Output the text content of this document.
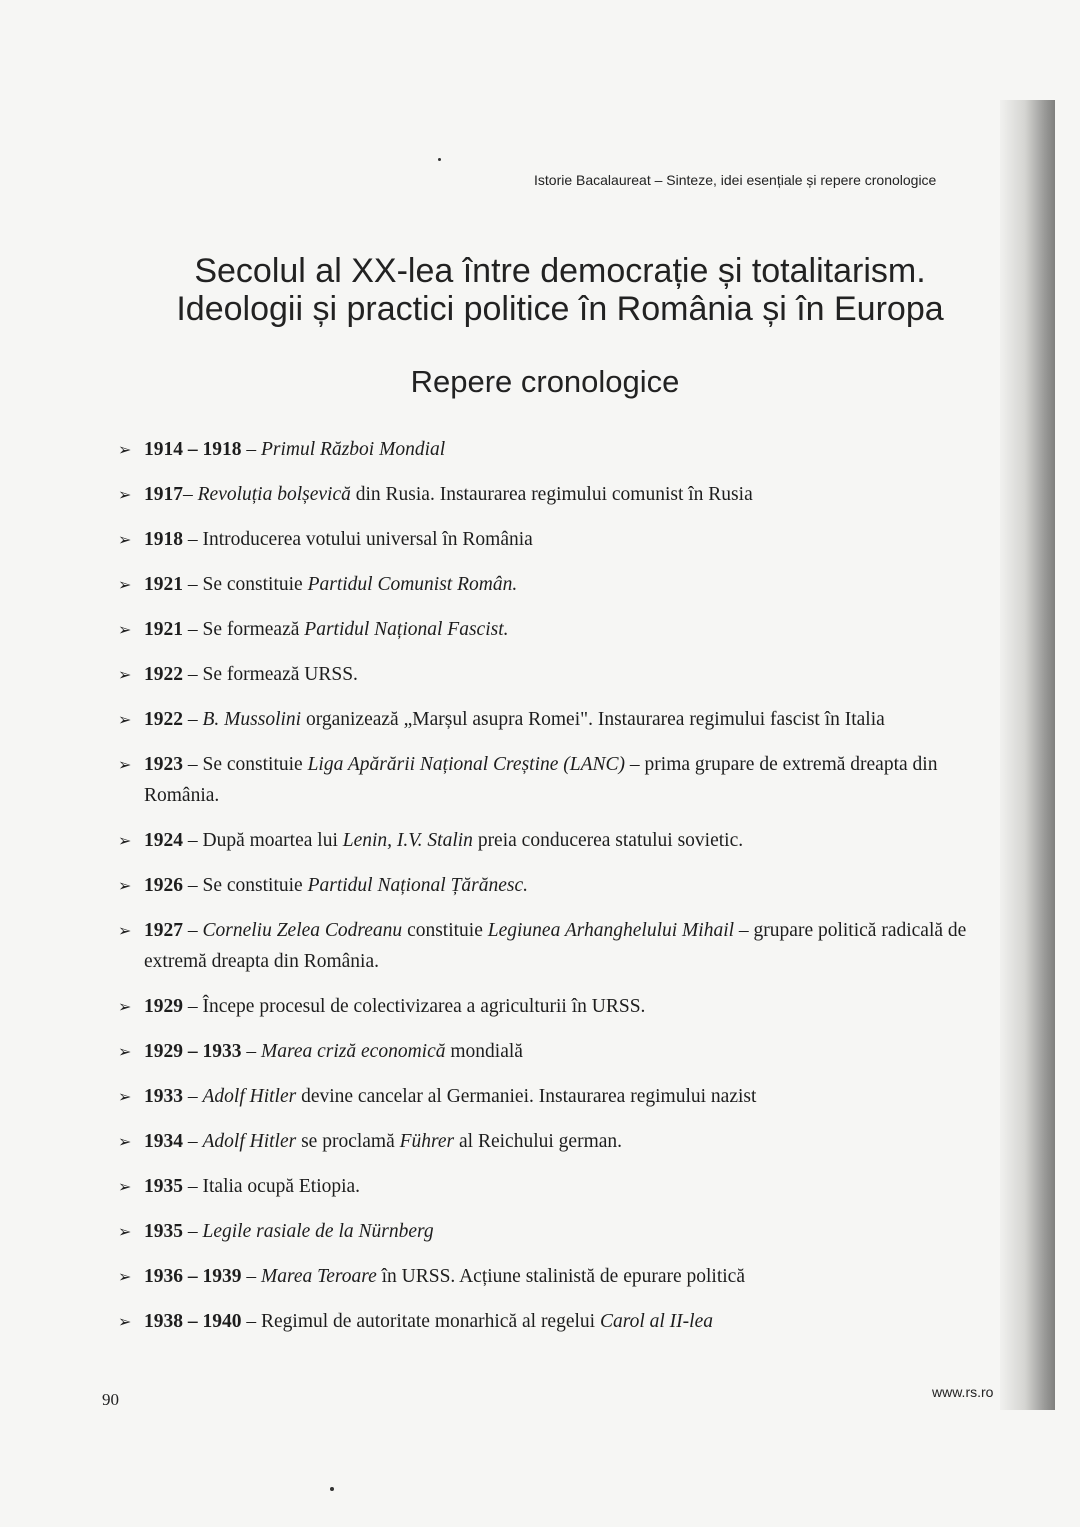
Istorie Bacalaureat – Sinteze, idei esențiale și repere cronologice
Secolul al XX-lea între democrație și totalitarism.
Ideologii și practici politice în România și în Europa
Repere cronologice
➢ 1914 – 1918 – Primul Război Mondial
➢ 1917– Revoluția bolșevică din Rusia. Instaurarea regimului comunist în Rusia
➢ 1918 – Introducerea votului universal în România
➢ 1921 – Se constituie Partidul Comunist Român.
➢ 1921 – Se formează Partidul Național Fascist.
➢ 1922 – Se formează URSS.
➢ 1922 – B. Mussolini organizează „Marșul asupra Romei". Instaurarea regimului fascist în Italia
➢ 1923 – Se constituie Liga Apărării Național Creștine (LANC) – prima grupare de extremă dreapta din România.
➢ 1924 – După moartea lui Lenin, I.V. Stalin preia conducerea statului sovietic.
➢ 1926 – Se constituie Partidul Național Țărănesc.
➢ 1927 – Corneliu Zelea Codreanu constituie Legiunea Arhanghelului Mihail – grupare politică radicală de extremă dreapta din România.
➢ 1929 – Începe procesul de colectivizarea a agriculturii în URSS.
➢ 1929 – 1933 – Marea criză economică mondială
➢ 1933 – Adolf Hitler devine cancelar al Germaniei. Instaurarea regimului nazist
➢ 1934 – Adolf Hitler se proclamă Führer al Reichului german.
➢ 1935 – Italia ocupă Etiopia.
➢ 1935 – Legile rasiale de la Nürnberg
➢ 1936 – 1939 – Marea Teroare în URSS. Acțiune stalinistă de epurare politică
➢ 1938 – 1940 – Regimul de autoritate monarhică al regelui Carol al II-lea
90	www.rs.ro
